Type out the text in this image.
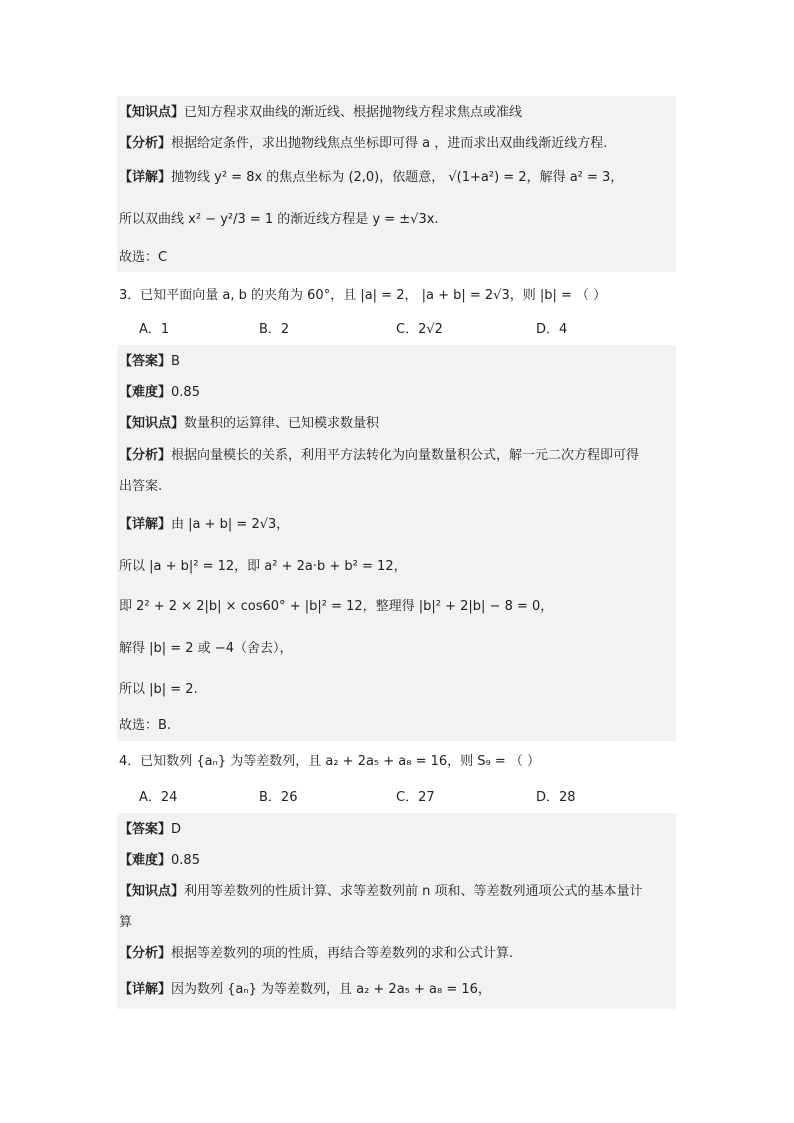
【知识点】已知方程求双曲线的渐近线、根据抛物线方程求焦点或准线
【分析】根据给定条件，求出抛物线焦点坐标即可得 a ，进而求出双曲线渐近线方程.
【详解】抛物线 y² = 8x 的焦点坐标为 (2,0)，依题意， √(1+a²) = 2，解得 a² = 3，
所以双曲线 x² − y²/3 = 1 的渐近线方程是 y = ±√3x.
故选：C
3．已知平面向量 a, b 的夹角为 60°，且 |a| = 2， |a + b| = 2√3，则 |b| = （ ）
【答案】B
【难度】0.85
【知识点】数量积的运算律、已知模求数量积
【分析】根据向量模长的关系，利用平方法转化为向量数量积公式，解一元二次方程即可得
出答案.
【详解】由 |a + b| = 2√3，
所以 |a + b|² = 12，即 a² + 2a·b + b² = 12，
即 2² + 2 × 2|b| × cos60° + |b|² = 12，整理得 |b|² + 2|b| − 8 = 0，
解得 |b| = 2 或 −4（舍去），
所以 |b| = 2.
故选：B.
4．已知数列 {aₙ} 为等差数列，且 a₂ + 2a₅ + a₈ = 16，则 S₉ = （ ）
【答案】D
【难度】0.85
【知识点】利用等差数列的性质计算、求等差数列前 n 项和、等差数列通项公式的基本量计
算
【分析】根据等差数列的项的性质，再结合等差数列的求和公式计算.
【详解】因为数列 {aₙ} 为等差数列，且 a₂ + 2a₅ + a₈ = 16，
A．1	B．2	C．2√2	D．4
A．24	B．26	C．27	D．28
